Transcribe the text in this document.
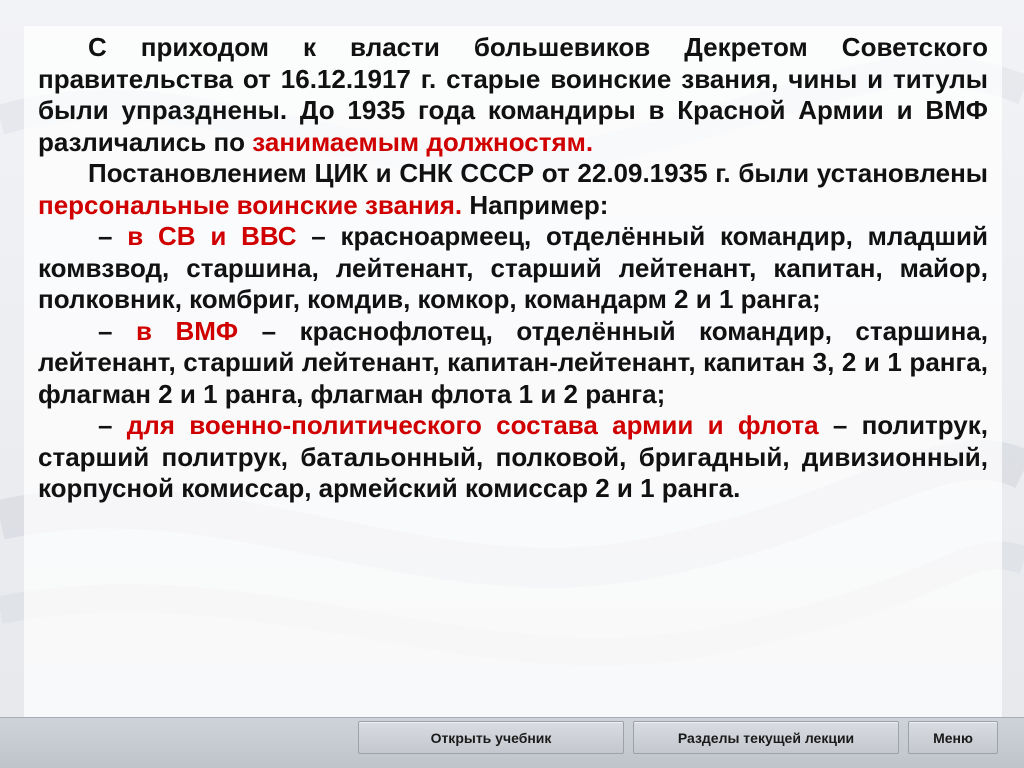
С приходом к власти большевиков Декретом Советского правительства от 16.12.1917 г. старые воинские звания, чины и титулы были упразднены. До 1935 года командиры в Красной Армии и ВМФ различались по занимаемым должностям.

Постановлением ЦИК и СНК СССР от 22.09.1935 г. были установлены персональные воинские звания. Например:

– в СВ и ВВС – красноармеец, отделённый командир, младший комвзвод, старшина, лейтенант, старший лейтенант, капитан, майор, полковник, комбриг, комдив, комкор, командарм 2 и 1 ранга;

– в ВМФ – краснофлотец, отделённый командир, старшина, лейтенант, старший лейтенант, капитан-лейтенант, капитан 3, 2 и 1 ранга, флагман 2 и 1 ранга, флагман флота 1 и 2 ранга;

– для военно-политического состава армии и флота – политрук, старший политрук, батальонный, полковой, бригадный, дивизионный, корпусной комиссар, армейский комиссар 2 и 1 ранга.

Открыть учебник	Разделы текущей лекции	Меню
